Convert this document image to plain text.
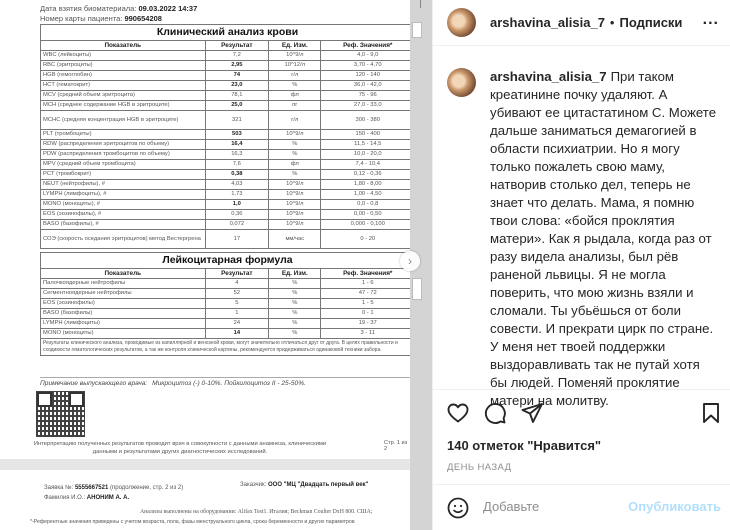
Дата взятия биоматериала: 09.03.2022 14:37
Номер карты пациента: 990654208
Клинический анализ крови			
Показатель	Результат	Ед. Изм.	Реф. Значения*
WBC (лейкоциты)	7,2	10^9/л	4,0 - 9,0
RBC (эритроциты)	2,95	10^12/л	3,70 - 4,70
HGB (гемоглобин)	74	г/л	120 - 140
HCT (гематокрит)	23,0	%	36,0 - 42,0
MCV (средний объем эритроцита)	78,1	фл	75 - 96
MCH (среднее содержание HGB в эритроците)	25,0	пг	27,0 - 33,0
MCHC (средняя концентрация HGB в эритроците)	321	г/л	300 - 380
PLT (тромбоциты)	503	10^9/л	150 - 400
RDW (распределения эритроцитов по объему)	16,4	%	11,5 - 14,5
PDW (распределения тромбоцитов по объему)	16,3	%	10,0 - 20,0
MPV (средний объем тромбоцита)	7,6	фл	7,4 - 10,4
PCT (тромбокрит)	0,38	%	0,12 - 0,36
NEUT (нейтрофилы), #	4,03	10^9/л	1,80 - 8,00
LYMPH (лимфоциты), #	1,73	10^9/л	1,00 - 4,50
MONO (моноциты), #	1,0	10^9/л	0,0 - 0,8
EOS (эозинофилы), #	0,36	10^9/л	0,00 - 0,50
BASO (базофилы), #	0,072	10^9/л	0,000 - 0,100
СОЭ (скорость оседания эритроцитов) метод Вестергрена	17	мм/час	0 - 20
Лейкоцитарная формула			
Показатель	Результат	Ед. Изм.	Реф. Значения*
Палочкоядерные нейтрофилы	4	%	1 - 6
Сегментноядерные нейтрофилы	52	%	47 - 72
EOS (эозинофилы)	5	%	1 - 5
BASO (базофилы)	1	%	0 - 1
LYMPH (лимфоциты)	24	%	19 - 37
MONO (моноциты)	14	%	3 - 11
Результаты клинического анализа, проводимые из капиллярной и венозной крови, могут значительно отличаться друг от друга. В целях правильности и сходимости гематологических результатов, а так же контроля клинической картины, рекомендуется придерживаться одинаковой техники забора.			
Примечание выпускающего врача: Микроцитоз (-) 0-10%. Пойкилоцитоз II - 25-50%.
Интерпретацию полученных результатов проводит врач в совокупности с данными анамнеза, клиническими данными и результатами других диагностических исследований.
Стр. 1 из 2
Заявка №: 5555667521 (продолжение, стр. 2 из 2)	Заказчик: ООО "МЦ "Двадцать первый век"
Фамилия И.О.: АНОНИМ А. А.
Анализы выполнены на оборудовании: Alifax Test1. Италия; Beckman Coulter DxH 800. США;
*-Референтные значения приведены с учетом возраста, пола, фазы менструального цикла, срока беременности и других параметров
›
arshavina_alisia_7 • Подписки ...
arshavina_alisia_7 При таком креатинине почку удаляют. А убивают ее цитастатином С. Можете дальше заниматься демагогией в области психиатрии. Но я могу только пожалеть свою маму, натворив столько дел, теперь не знает что делать. Мама, я помню твои слова: «бойся проклятия матери». Как я рыдала, когда раз от разу видела анализы, был рёв раненой львицы. Я не могла поверить, что мою жизнь взяли и сломали. Ты убьёшься от боли совести. И прекрати цирк по стране. У меня нет твоей поддержки выздоравливать так не путай хотя бы людей. Поменяй проклятие матери на молитву.
140 отметок "Нравится"
ДЕНЬ НАЗАД
Добавьте
Опубликовать
